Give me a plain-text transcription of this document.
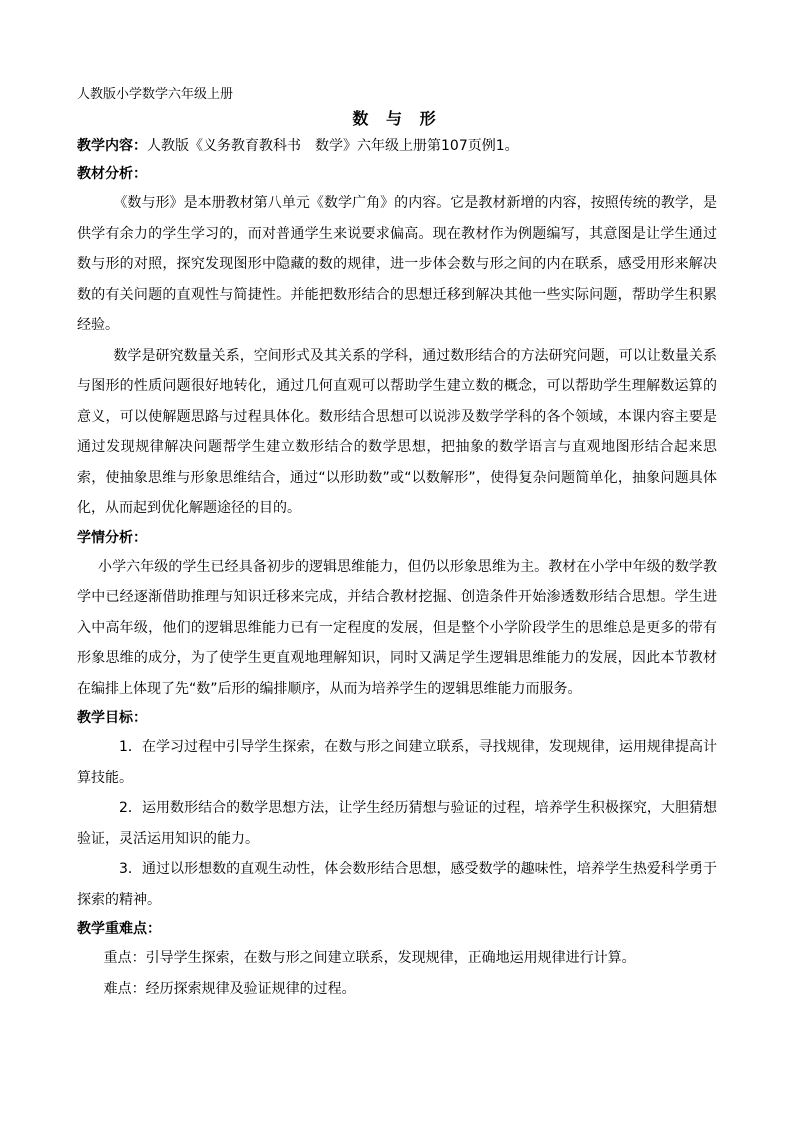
人教版小学数学六年级上册

数 与 形

教学内容：人教版《义务教育教科书　数学》六年级上册第107页例1。

教材分析：

《数与形》是本册教材第八单元《数学广角》的内容。它是教材新增的内容，按照传统的教学，是供学有余力的学生学习的，而对普通学生来说要求偏高。现在教材作为例题编写，其意图是让学生通过数与形的对照，探究发现图形中隐藏的数的规律，进一步体会数与形之间的内在联系，感受用形来解决数的有关问题的直观性与简捷性。并能把数形结合的思想迁移到解决其他一些实际问题，帮助学生积累经验。

数学是研究数量关系，空间形式及其关系的学科，通过数形结合的方法研究问题，可以让数量关系与图形的性质问题很好地转化，通过几何直观可以帮助学生建立数的概念，可以帮助学生理解数运算的意义，可以使解题思路与过程具体化。数形结合思想可以说涉及数学学科的各个领域，本课内容主要是通过发现规律解决问题帮学生建立数形结合的数学思想，把抽象的数学语言与直观地图形结合起来思索，使抽象思维与形象思维结合，通过“以形助数”或“以数解形”，使得复杂问题简单化，抽象问题具体化，从而起到优化解题途径的目的。

学情分析：

小学六年级的学生已经具备初步的逻辑思维能力，但仍以形象思维为主。教材在小学中年级的数学教学中已经逐渐借助推理与知识迁移来完成，并结合教材挖掘、创造条件开始渗透数形结合思想。学生进入中高年级，他们的逻辑思维能力已有一定程度的发展，但是整个小学阶段学生的思维总是更多的带有形象思维的成分，为了使学生更直观地理解知识，同时又满足学生逻辑思维能力的发展，因此本节教材在编排上体现了先“数”后形的编排顺序，从而为培养学生的逻辑思维能力而服务。

教学目标：

1．在学习过程中引导学生探索，在数与形之间建立联系，寻找规律，发现规律，运用规律提高计算技能。

2．运用数形结合的数学思想方法，让学生经历猜想与验证的过程，培养学生积极探究，大胆猜想验证，灵活运用知识的能力。

3．通过以形想数的直观生动性，体会数形结合思想，感受数学的趣味性，培养学生热爱科学勇于探索的精神。

教学重难点：

重点：引导学生探索，在数与形之间建立联系，发现规律，正确地运用规律进行计算。

难点：经历探索规律及验证规律的过程。
